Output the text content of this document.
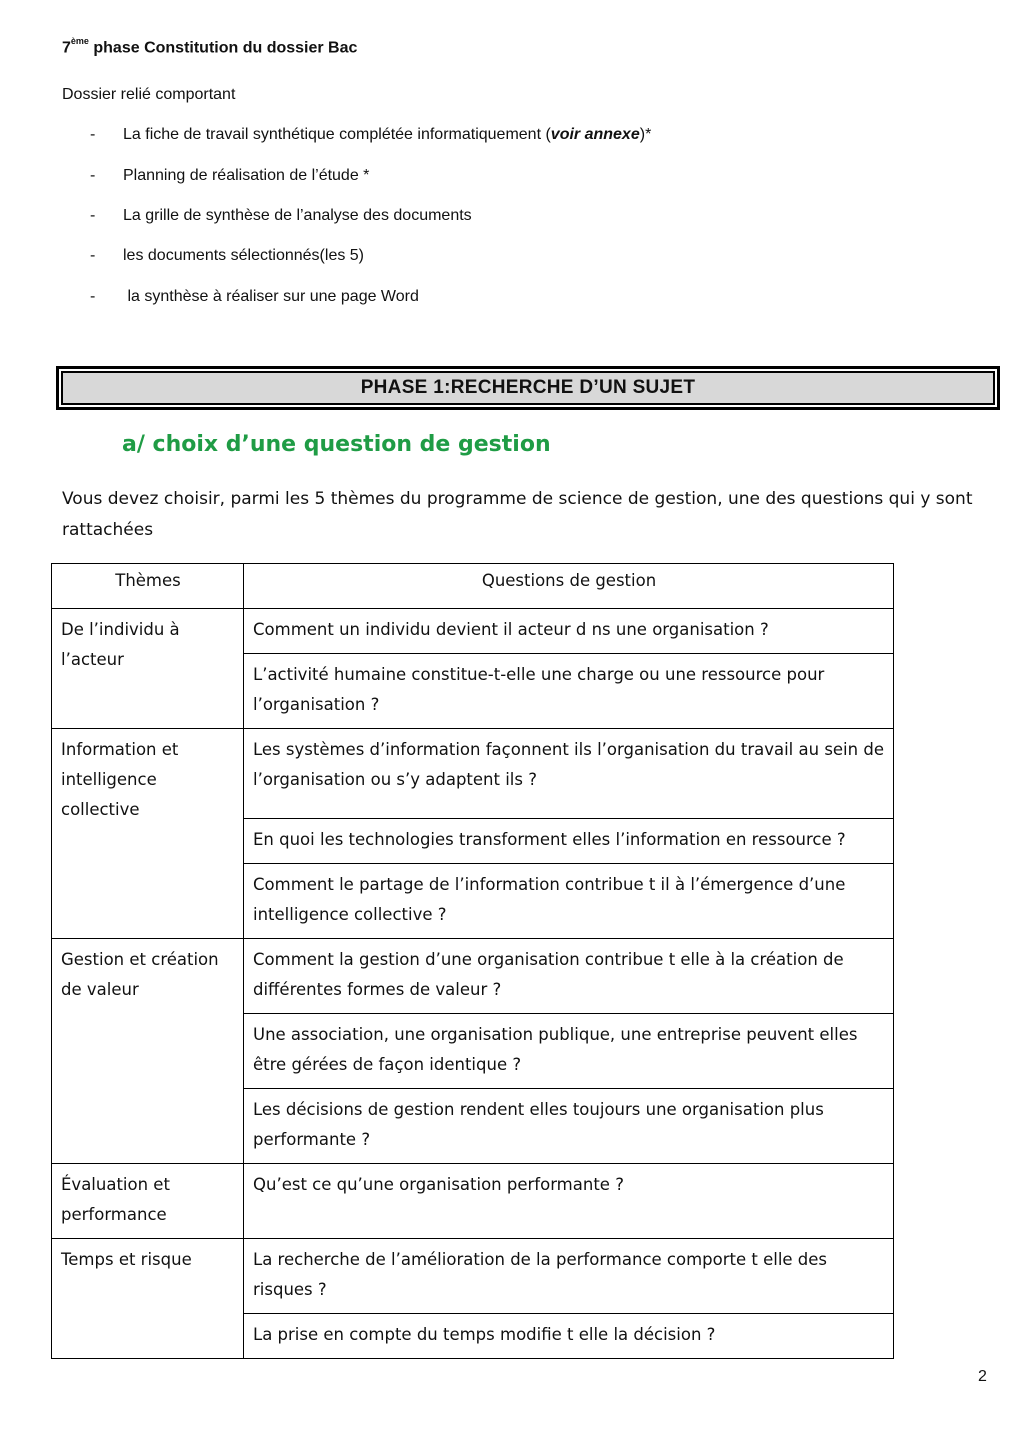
7ème phase Constitution du dossier Bac
Dossier relié comportant
- La fiche de travail synthétique complétée informatiquement (voir annexe)*
- Planning de réalisation de l’étude *
- La grille de synthèse de l’analyse des documents
- les documents sélectionnés(les 5)
- la synthèse à réaliser sur une page Word
PHASE 1:RECHERCHE D’UN SUJET
a/ choix d’une question de gestion
Vous devez choisir, parmi les 5 thèmes du programme de science de gestion, une des questions qui y sont rattachées
Thèmes	Questions de gestion
De l’individu à l’acteur	Comment un individu devient il acteur d ns une organisation ?
	L’activité humaine constitue-t-elle une charge ou une ressource pour l’organisation ?
Information et intelligence collective	Les systèmes d’information façonnent ils l’organisation du travail au sein de l’organisation ou s’y adaptent ils ?
	En quoi les technologies transforment elles l’information en ressource ?
	Comment le partage de l’information contribue t il à l’émergence d’une intelligence collective ?
Gestion et création de valeur	Comment la gestion d’une organisation contribue t elle à la création de différentes formes de valeur ?
	Une association, une organisation publique, une entreprise peuvent elles être gérées de façon identique ?
	Les décisions de gestion rendent elles toujours une organisation plus performante ?
Évaluation et performance	Qu’est ce qu’une organisation performante ?
Temps et risque	La recherche de l’amélioration de la performance comporte t elle des risques ?
	La prise en compte du temps modifie t elle la décision ?
2
